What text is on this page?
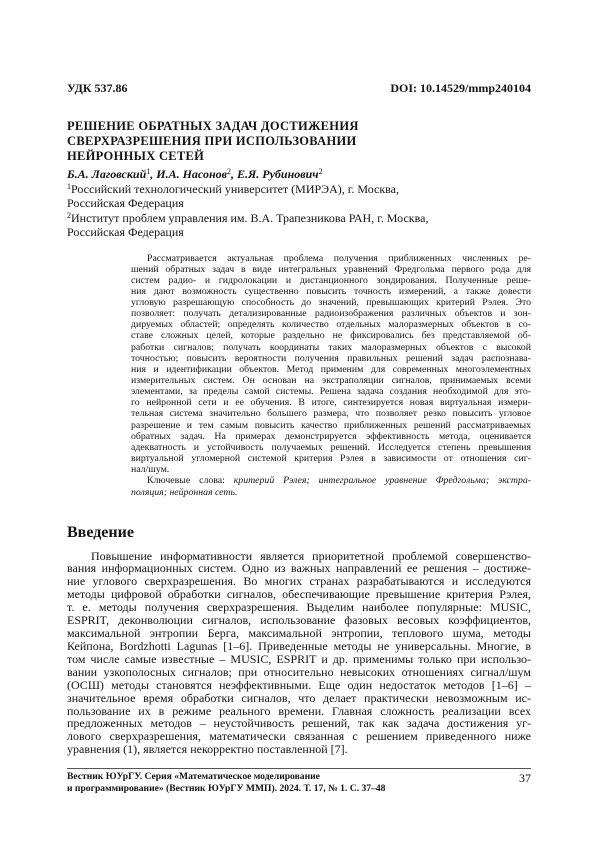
УДК 537.86	DOI: 10.14529/mmp240104
РЕШЕНИЕ ОБРАТНЫХ ЗАДАЧ ДОСТИЖЕНИЯ
СВЕРХРАЗРЕШЕНИЯ ПРИ ИСПОЛЬЗОВАНИИ
НЕЙРОННЫХ СЕТЕЙ
Б.А. Лаговский$^1$, И.А. Насонов$^2$, Е.Я. Рубинович$^2$
$^1$Российский технологический университет (МИРЭА), г. Москва,
Российская Федерация
$^2$Институт проблем управления им. В.А. Трапезникова РАН, г. Москва,
Российская Федерация
Рассматривается актуальная проблема получения приближенных численных ре-
шений обратных задач в виде интегральных уравнений Фредгольма первого рода для
систем радио- и гидролокации и дистанционного зондирования. Полученные реше-
ния дают возможность существенно повысить точность измерений, а также довести
угловую разрешающую способность до значений, превышающих критерий Рэлея. Это
позволяет: получать детализированные радиоизображения различных объектов и зон-
дируемых областей; определять количество отдельных малоразмерных объектов в со-
ставе сложных целей, которые раздельно не фиксировались без представляемой об-
работки сигналов; получать координаты таких малоразмерных объектов с высокой
точностью; повысить вероятности получения правильных решений задач распознава-
ния и идентификации объектов. Метод применим для современных многоэлементных
измерительных систем. Он основан на экстраполяции сигналов, принимаемых всеми
элементами, за пределы самой системы. Решена задача создания необходимой для это-
го нейронной сети и ее обучения. В итоге, синтезируется новая виртуальная измери-
тельная система значительно большего размера, что позволяет резко повысить угловое
разрешение и тем самым повысить качество приближенных решений рассматриваемых
обратных задач. На примерах демонстрируется эффективность метода, оценивается
адекватность и устойчивость получаемых решений. Исследуется степень превышения
виртуальной угломерной системой критерия Рэлея в зависимости от отношения сиг-
нал/шум.
Ключевые слова: критерий Рэлея; интегральное уравнение Фредгольма; экстра-
поляция; нейронная сеть.
Введение
Повышение информативности является приоритетной проблемой совершенство-
вания информационных систем. Одно из важных направлений ее решения – достиже-
ние углового сверхразрешения. Во многих странах разрабатываются и исследуются
методы цифровой обработки сигналов, обеспечивающие превышение критерия Рэлея,
т. е. методы получения сверхразрешения. Выделим наиболее популярные: MUSIC,
ESPRIT, деконволюции сигналов, использование фазовых весовых коэффициентов,
максимальной энтропии Берга, максимальной энтропии, теплового шума, методы
Кейпона, Bordzhotti Lagunas [1–6]. Приведенные методы не универсальны. Многие, в
том числе самые известные – MUSIC, ESPRIT и др. применимы только при использо-
вании узкополосных сигналов; при относительно невысоких отношениях сигнал/шум
(ОСШ) методы становятся неэффективными. Еще один недостаток методов [1–6] –
значительное время обработки сигналов, что делает практически невозможным ис-
пользование их в режиме реального времени. Главная сложность реализации всех
предложенных методов – неустойчивость решений, так как задача достижения уг-
лового сверхразрешения, математически связанная с решением приведенного ниже
уравнения (1), является некорректно поставленной [7].
Вестник ЮУрГУ. Серия «Математическое моделирование
и программирование» (Вестник ЮУрГУ ММП). 2024. Т. 17, № 1. С. 37–48
37
